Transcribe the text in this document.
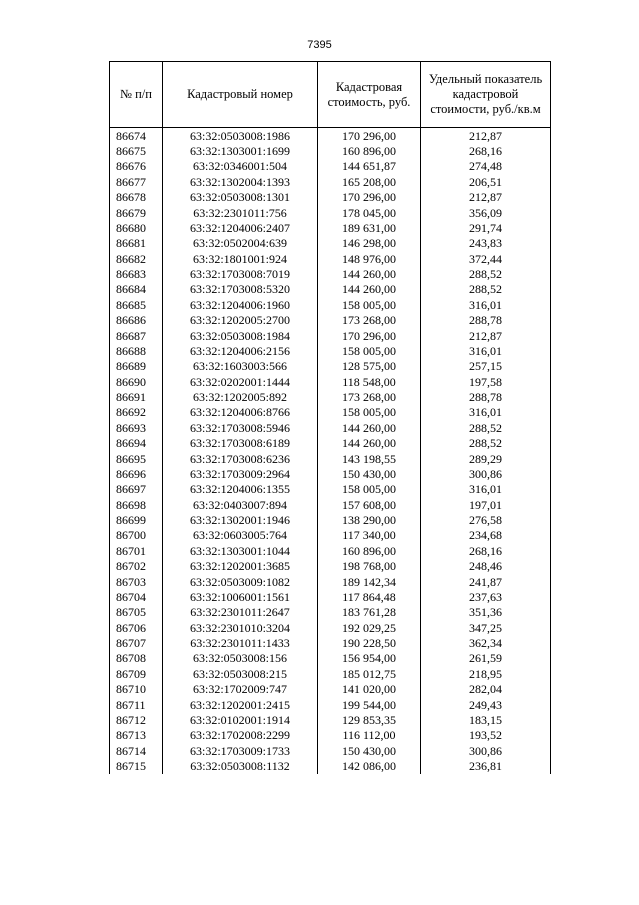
7395
№ п/п	Кадастровый номер	Кадастровая стоимость, руб.	Удельный показатель кадастровой стоимости, руб./кв.м
86674	63:32:0503008:1986	170 296,00	212,87
86675	63:32:1303001:1699	160 896,00	268,16
86676	63:32:0346001:504	144 651,87	274,48
86677	63:32:1302004:1393	165 208,00	206,51
86678	63:32:0503008:1301	170 296,00	212,87
86679	63:32:2301011:756	178 045,00	356,09
86680	63:32:1204006:2407	189 631,00	291,74
86681	63:32:0502004:639	146 298,00	243,83
86682	63:32:1801001:924	148 976,00	372,44
86683	63:32:1703008:7019	144 260,00	288,52
86684	63:32:1703008:5320	144 260,00	288,52
86685	63:32:1204006:1960	158 005,00	316,01
86686	63:32:1202005:2700	173 268,00	288,78
86687	63:32:0503008:1984	170 296,00	212,87
86688	63:32:1204006:2156	158 005,00	316,01
86689	63:32:1603003:566	128 575,00	257,15
86690	63:32:0202001:1444	118 548,00	197,58
86691	63:32:1202005:892	173 268,00	288,78
86692	63:32:1204006:8766	158 005,00	316,01
86693	63:32:1703008:5946	144 260,00	288,52
86694	63:32:1703008:6189	144 260,00	288,52
86695	63:32:1703008:6236	143 198,55	289,29
86696	63:32:1703009:2964	150 430,00	300,86
86697	63:32:1204006:1355	158 005,00	316,01
86698	63:32:0403007:894	157 608,00	197,01
86699	63:32:1302001:1946	138 290,00	276,58
86700	63:32:0603005:764	117 340,00	234,68
86701	63:32:1303001:1044	160 896,00	268,16
86702	63:32:1202001:3685	198 768,00	248,46
86703	63:32:0503009:1082	189 142,34	241,87
86704	63:32:1006001:1561	117 864,48	237,63
86705	63:32:2301011:2647	183 761,28	351,36
86706	63:32:2301010:3204	192 029,25	347,25
86707	63:32:2301011:1433	190 228,50	362,34
86708	63:32:0503008:156	156 954,00	261,59
86709	63:32:0503008:215	185 012,75	218,95
86710	63:32:1702009:747	141 020,00	282,04
86711	63:32:1202001:2415	199 544,00	249,43
86712	63:32:0102001:1914	129 853,35	183,15
86713	63:32:1702008:2299	116 112,00	193,52
86714	63:32:1703009:1733	150 430,00	300,86
86715	63:32:0503008:1132	142 086,00	236,81
